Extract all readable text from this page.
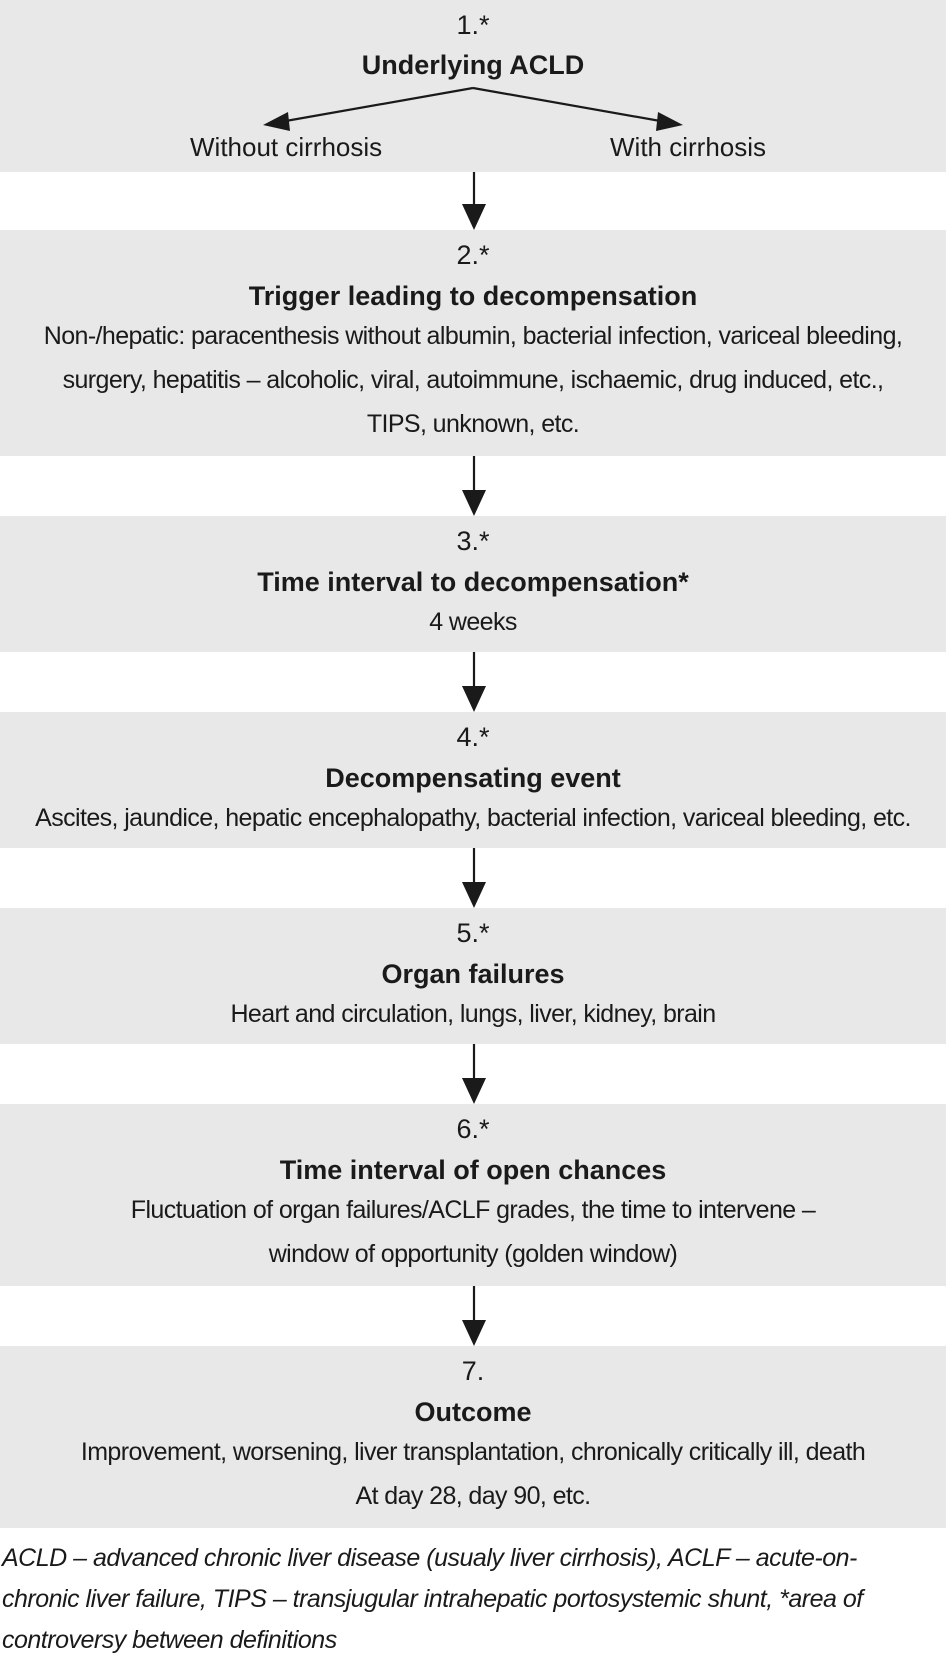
1.*
Underlying ACLD
Without cirrhosis	With cirrhosis
2.*
Trigger leading to decompensation
Non-/hepatic: paracenthesis without albumin, bacterial infection, variceal bleeding,
surgery, hepatitis – alcoholic, viral, autoimmune, ischaemic, drug induced, etc.,
TIPS, unknown, etc.
3.*
Time interval to decompensation*
4 weeks
4.*
Decompensating event
Ascites, jaundice, hepatic encephalopathy, bacterial infection, variceal bleeding, etc.
5.*
Organ failures
Heart and circulation, lungs, liver, kidney, brain
6.*
Time interval of open chances
Fluctuation of organ failures/ACLF grades, the time to intervene –
window of opportunity (golden window)
7.
Outcome
Improvement, worsening, liver transplantation, chronically critically ill, death
At day 28, day 90, etc.
ACLD – advanced chronic liver disease (usualy liver cirrhosis), ACLF – acute-on-chronic liver failure, TIPS – transjugular intrahepatic portosystemic shunt, *area of controversy between definitions
